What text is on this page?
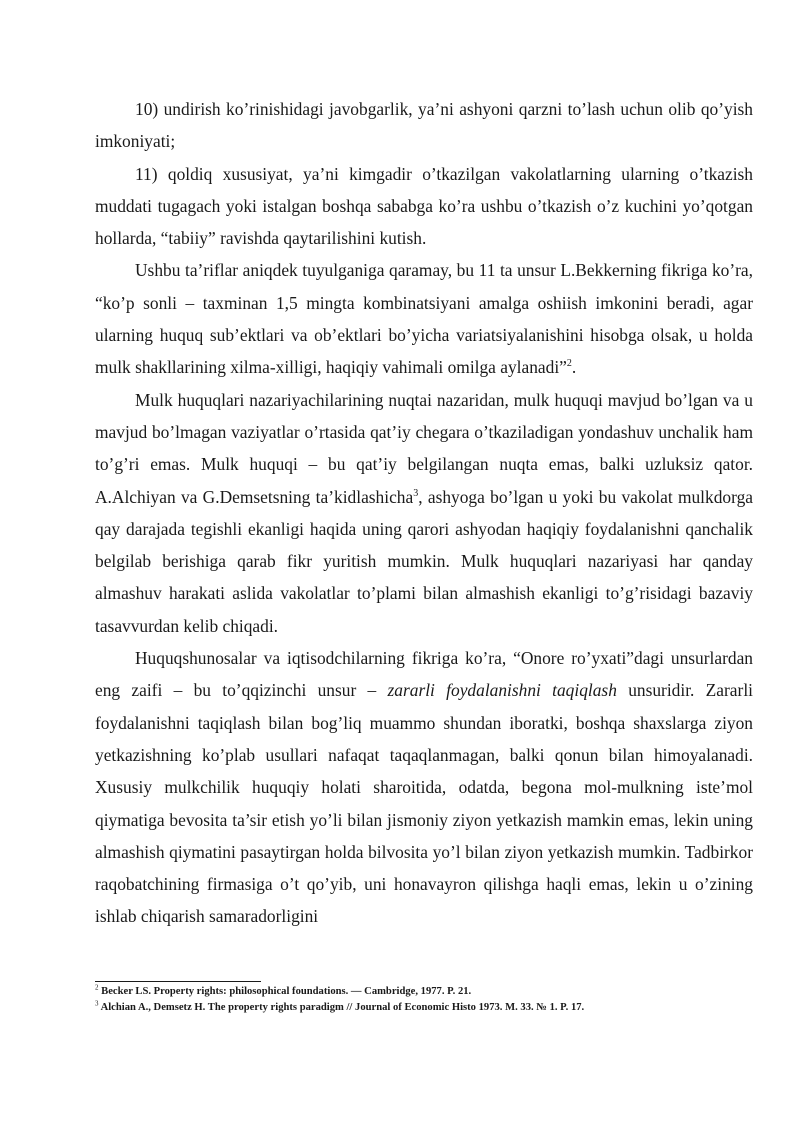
10) undirish ko’rinishidagi javobgarlik, ya’ni ashyoni qarzni to’lash uchun olib qo’yish imkoniyati;

11) qoldiq xususiyat, ya’ni kimgadir o’tkazilgan vakolatlarning ularning o’tkazish muddati tugagach yoki istalgan boshqa sababga ko’ra ushbu o’tkazish o’z kuchini yo’qotgan hollarda, “tabiiy” ravishda qaytarilishini kutish.

Ushbu ta’riflar aniqdek tuyulganiga qaramay, bu 11 ta unsur L.Bekkerning fikriga ko’ra, “ko’p sonli – taxminan 1,5 mingta kombinatsiyani amalga oshiish imkonini beradi, agar ularning huquq sub’ektlari va ob’ektlari bo’yicha variatsiyalanishini hisobga olsak, u holda mulk shakllarining xilma-xilligi, haqiqiy vahimali omilga aylanadi”$^2$.

Mulk huquqlari nazariyachilarining nuqtai nazaridan, mulk huquqi mavjud bo’lgan va u mavjud bo’lmagan vaziyatlar o’rtasida qat’iy chegara o’tkaziladigan yondashuv unchalik ham to’g’ri emas. Mulk huquqi – bu qat’iy belgilangan nuqta emas, balki uzluksiz qator. A.Alchiyan va G.Demsetsning ta’kidlashicha$^3$, ashyoga bo’lgan u yoki bu vakolat mulkdorga qay darajada tegishli ekanligi haqida uning qarori ashyodan haqiqiy foydalanishni qanchalik belgilab berishiga qarab fikr yuritish mumkin. Mulk huquqlari nazariyasi har qanday almashuv harakati aslida vakolatlar to’plami bilan almashish ekanligi to’g’risidagi bazaviy tasavvurdan kelib chiqadi.

Huquqshunosalar va iqtisodchilarning fikriga ko’ra, “Onore ro’yxati”dagi unsurlardan eng zaifi – bu to’qqizinchi unsur – zararli foydalanishni taqiqlash unsuridir. Zararli foydalanishni taqiqlash bilan bog’liq muammo shundan iboratki, boshqa shaxslarga ziyon yetkazishning ko’plab usullari nafaqat taqaqlanmagan, balki qonun bilan himoyalanadi. Xususiy mulkchilik huquqiy holati sharoitida, odatda, begona mol-mulkning iste’mol qiymatiga bevosita ta’sir etish yo’li bilan jismoniy ziyon yetkazish mamkin emas, lekin uning almashish qiymatini pasaytirgan holda bilvosita yo’l bilan ziyon yetkazish mumkin. Tadbirkor raqobatchining firmasiga o’t qo’yib, uni honavayron qilishga haqli emas, lekin u o’zining ishlab chiqarish samaradorligini

$^2$ Becker LS. Property rights: philosophical foundations. — Cambridge, 1977. P. 21.

$^3$ Alchian A., Demsetz H. The property rights paradigm // Journal of Economic Histo 1973. M. 33. № 1. P. 17.
